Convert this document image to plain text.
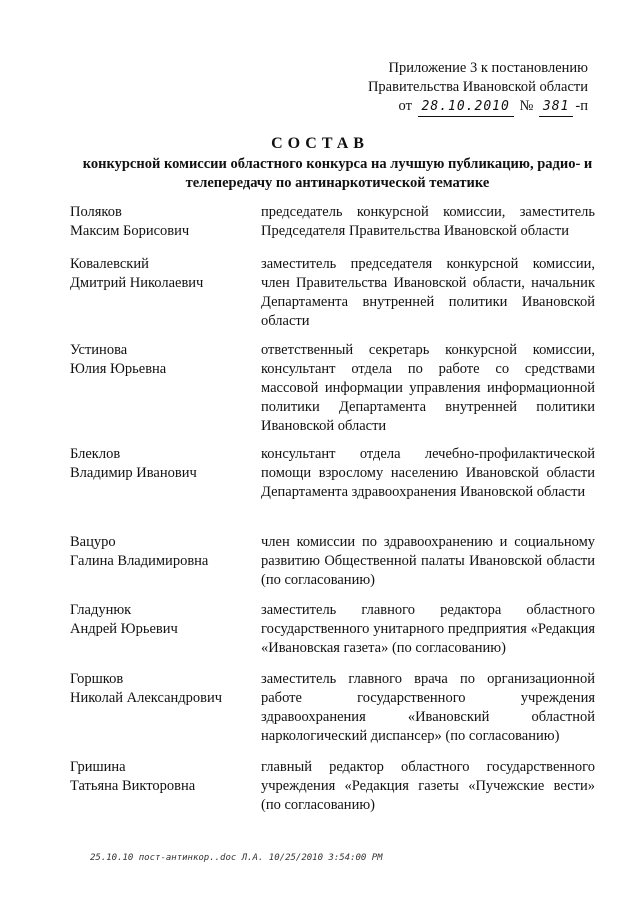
Приложение 3 к постановлению
Правительства Ивановской области
от 28.10.2010 № 381 -п
СОСТАВ
конкурсной комиссии областного конкурса на лучшую публикацию, радио- и телепередачу по антинаркотической тематике
Поляков
Максим Борисович
председатель конкурсной комиссии, заместитель Председателя Правительства Ивановской области
Ковалевский
Дмитрий Николаевич
заместитель председателя конкурсной комиссии, член Правительства Ивановской области, начальник Департамента внутренней политики Ивановской области
Устинова
Юлия Юрьевна
ответственный секретарь конкурсной комиссии, консультант отдела по работе со средствами массовой информации управления информационной политики Департамента внутренней политики Ивановской области
Блеклов
Владимир Иванович
консультант отдела лечебно-профилактической помощи взрослому населению Ивановской области Департамента здравоохранения Ивановской области
Вацуро
Галина Владимировна
член комиссии по здравоохранению и социальному развитию Общественной палаты Ивановской области (по согласованию)
Гладунюк
Андрей Юрьевич
заместитель главного редактора областного государственного унитарного предприятия «Редакция «Ивановская газета» (по согласованию)
Горшков
Николай Александрович
заместитель главного врача по организационной работе государственного учреждения здравоохранения «Ивановский областной наркологический диспансер» (по согласованию)
Гришина
Татьяна Викторовна
главный редактор областного государственного учреждения «Редакция газеты «Пучежские вести» (по согласованию)
25.10.10 пост-антинкор..doc Л.А. 10/25/2010 3:54:00 PM
